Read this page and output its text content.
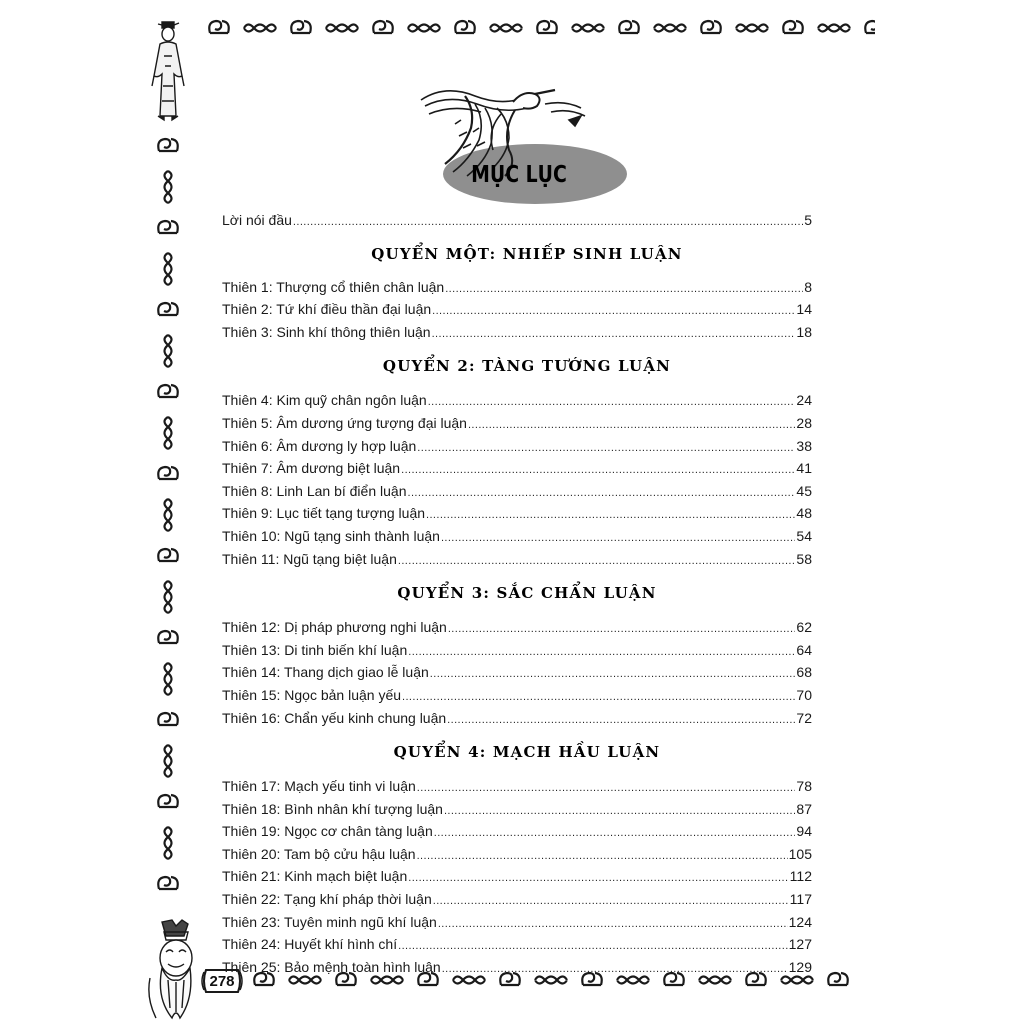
278
MỤC LỤC
Lời nói đầu .....	5
QUYỂN MỘT: NHIẾP SINH LUẬN
Thiên 1: Thượng cổ thiên chân luận .....	8
Thiên 2: Tứ khí điều thần đại luận .....	14
Thiên 3: Sinh khí thông thiên luận .....	18
QUYỂN 2: TÀNG TƯỚNG LUẬN
Thiên 4: Kim quỹ chân ngôn luận .....	24
Thiên 5: Âm dương ứng tượng đại luận .....	28
Thiên 6: Âm dương ly hợp luận .....	38
Thiên 7: Âm dương biệt luận .....	41
Thiên 8: Linh Lan bí điển luận .....	45
Thiên 9: Lục tiết tạng tượng luận .....	48
Thiên 10: Ngũ tạng sinh thành luận .....	54
Thiên 11: Ngũ tạng biệt luận .....	58
QUYỂN 3: SẮC CHẨN LUẬN
Thiên 12: Dị pháp phương nghi luận .....	62
Thiên 13: Di tinh biến khí luận .....	64
Thiên 14: Thang dịch giao lễ luận .....	68
Thiên 15: Ngọc bản luận yếu .....	70
Thiên 16: Chẩn yếu kinh chung luận .....	72
QUYỂN 4: MẠCH HẦU LUẬN
Thiên 17: Mạch yếu tinh vi luận .....	78
Thiên 18: Bình nhân khí tượng luận .....	87
Thiên 19: Ngọc cơ chân tàng luận .....	94
Thiên 20: Tam bộ cửu hậu luận .....	105
Thiên 21: Kinh mạch biệt luận .....	112
Thiên 22: Tạng khí pháp thời luận .....	117
Thiên 23: Tuyên minh ngũ khí luận .....	124
Thiên 24: Huyết khí hình chí .....	127
Thiên 25: Bảo mệnh toàn hình luận .....	129
